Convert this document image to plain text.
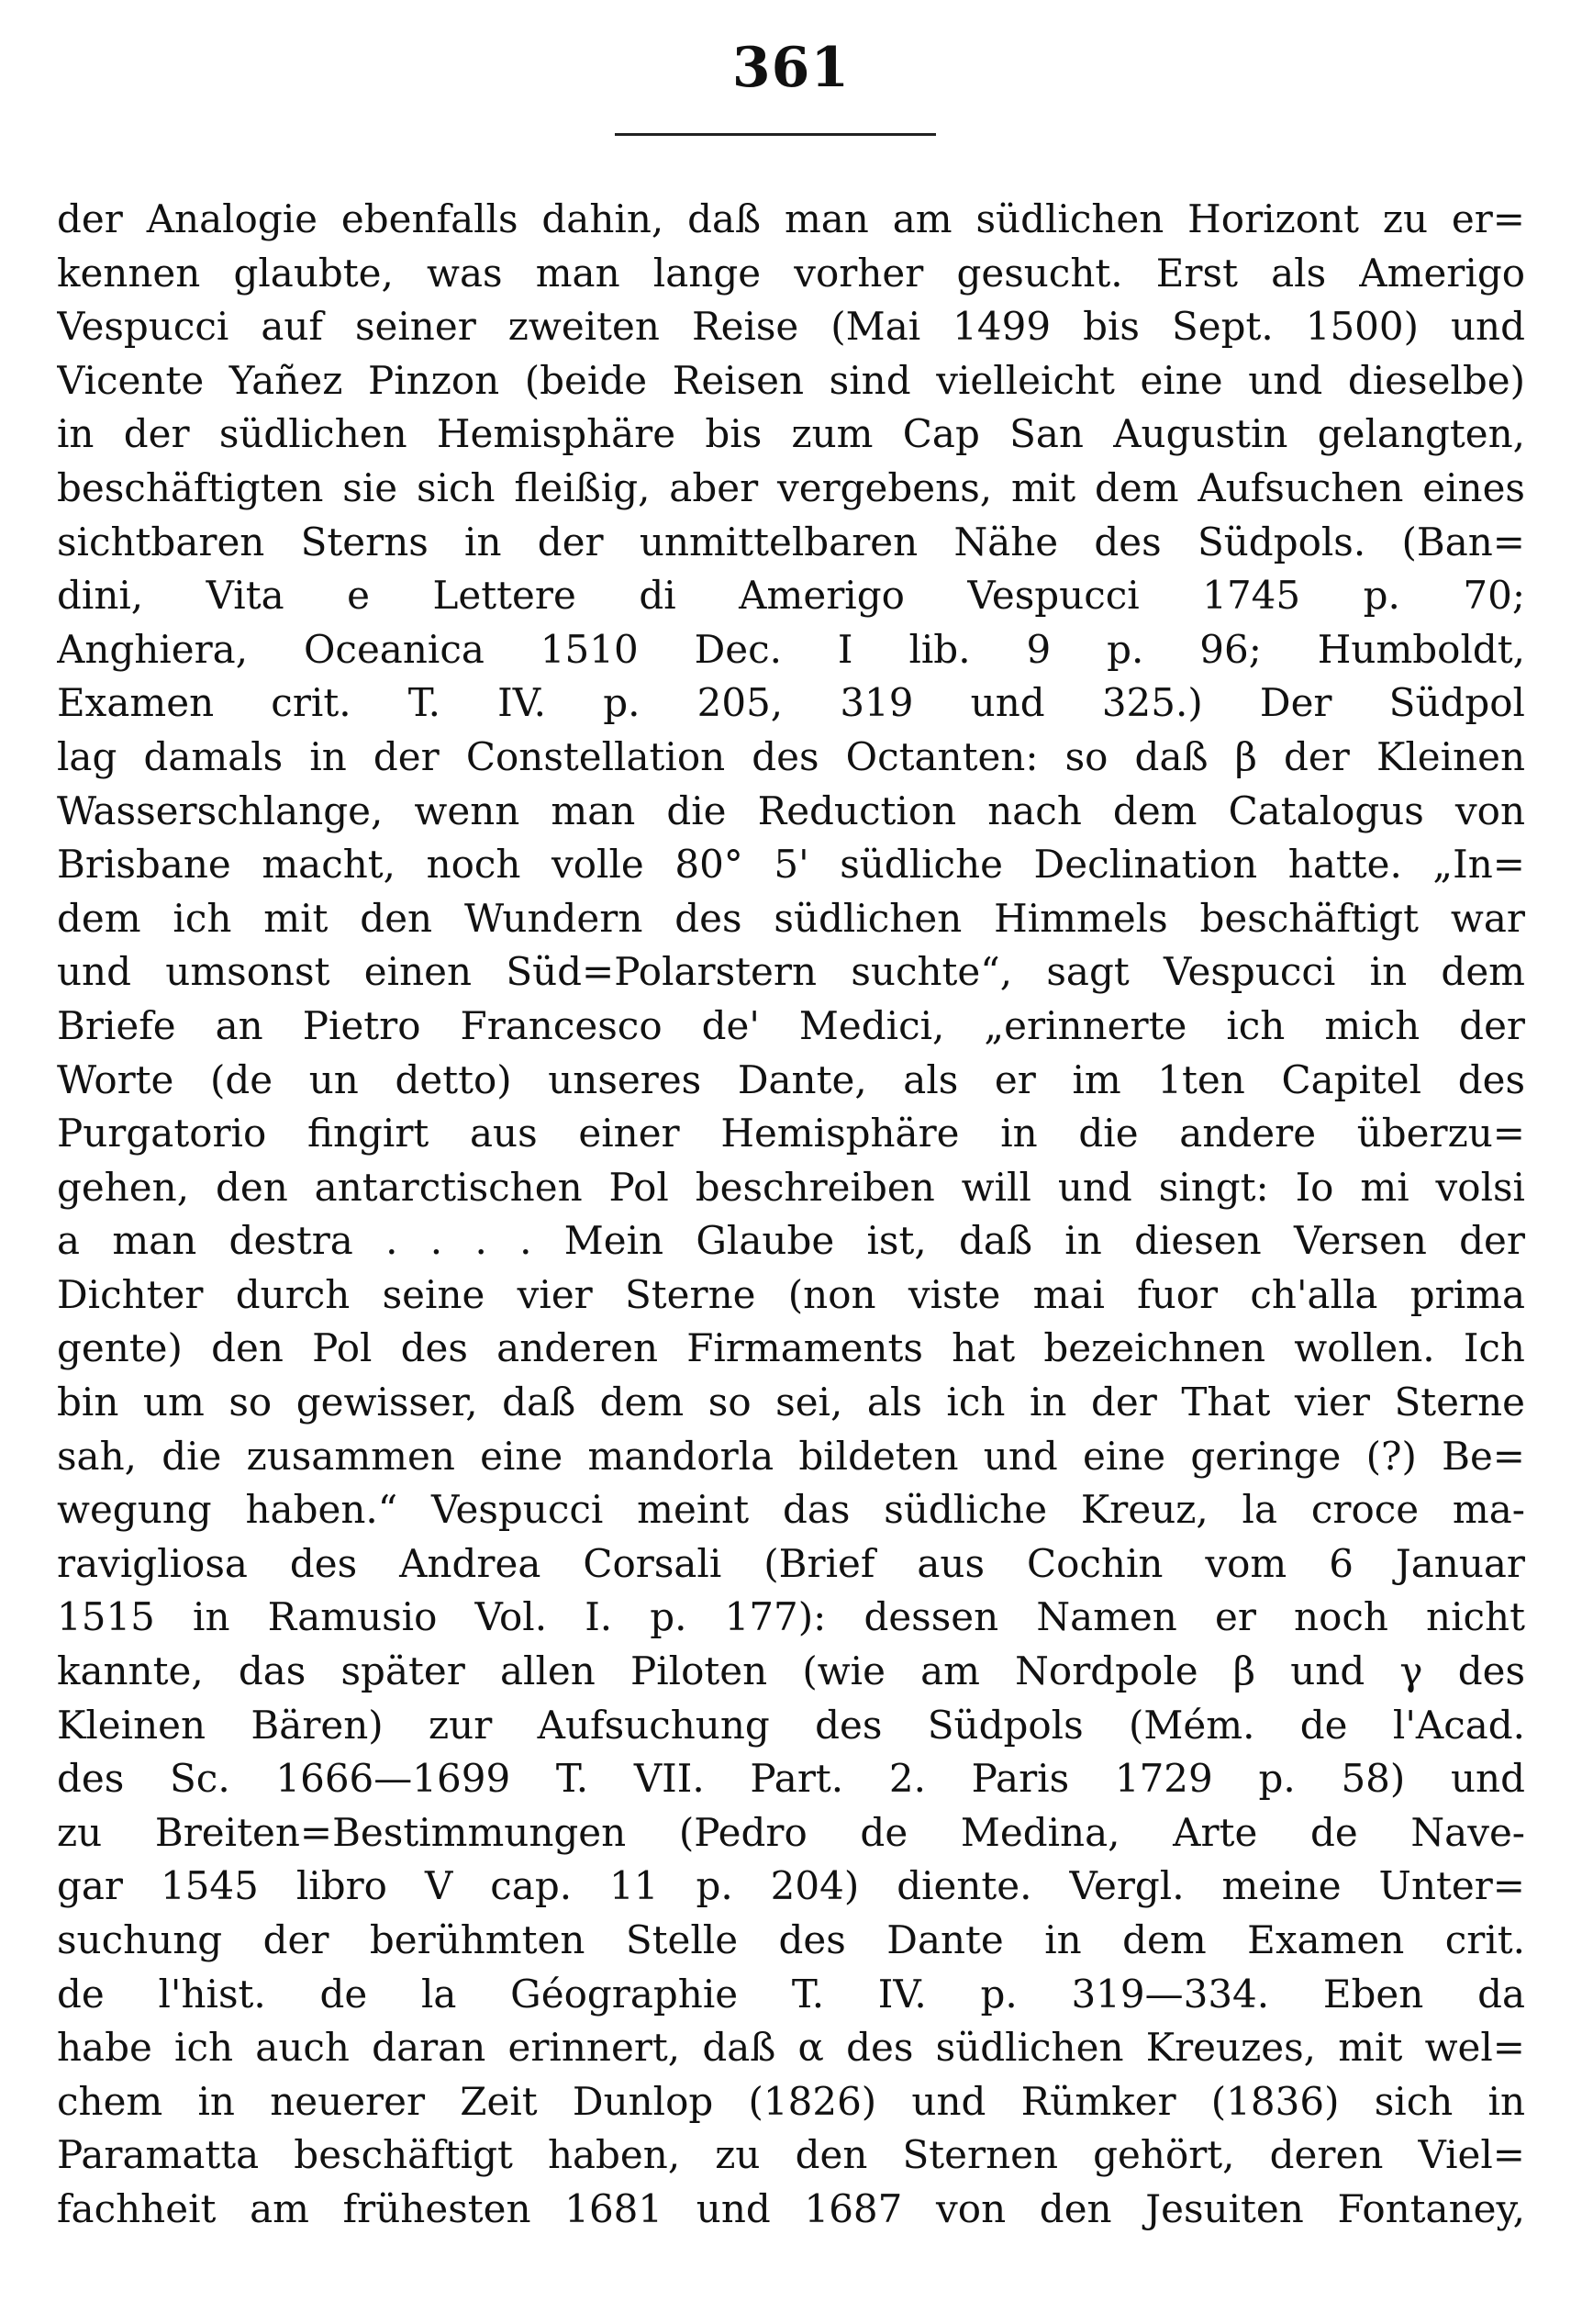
361
der Analogie ebenfalls dahin, daß man am südlichen Horizont zu er=
kennen glaubte, was man lange vorher gesucht. Erst als Amerigo
Vespucci auf seiner zweiten Reise (Mai 1499 bis Sept. 1500) und
Vicente Yañez Pinzon (beide Reisen sind vielleicht eine und dieselbe)
in der südlichen Hemisphäre bis zum Cap San Augustin gelangten,
beschäftigten sie sich fleißig, aber vergebens, mit dem Aufsuchen eines
sichtbaren Sterns in der unmittelbaren Nähe des Südpols. (Ban=
dini, Vita e Lettere di Amerigo Vespucci 1745 p. 70;
Anghiera, Oceanica 1510 Dec. I lib. 9 p. 96; Humboldt,
Examen crit. T. IV. p. 205, 319 und 325.) Der Südpol
lag damals in der Constellation des Octanten: so daß β der Kleinen
Wasserschlange, wenn man die Reduction nach dem Catalogus von
Brisbane macht, noch volle 80° 5' südliche Declination hatte. „In=
dem ich mit den Wundern des südlichen Himmels beschäftigt war
und umsonst einen Süd=Polarstern suchte“, sagt Vespucci in dem
Briefe an Pietro Francesco de' Medici, „erinnerte ich mich der
Worte (de un detto) unseres Dante, als er im 1ten Capitel des
Purgatorio fingirt aus einer Hemisphäre in die andere überzu=
gehen, den antarctischen Pol beschreiben will und singt: Io mi volsi
a man destra . . . . Mein Glaube ist, daß in diesen Versen der
Dichter durch seine vier Sterne (non viste mai fuor ch'alla prima
gente) den Pol des anderen Firmaments hat bezeichnen wollen. Ich
bin um so gewisser, daß dem so sei, als ich in der That vier Sterne
sah, die zusammen eine mandorla bildeten und eine geringe (?) Be=
wegung haben.“ Vespucci meint das südliche Kreuz, la croce ma-
ravigliosa des Andrea Corsali (Brief aus Cochin vom 6 Januar
1515 in Ramusio Vol. I. p. 177): dessen Namen er noch nicht
kannte, das später allen Piloten (wie am Nordpole β und γ des
Kleinen Bären) zur Aufsuchung des Südpols (Mém. de l'Acad.
des Sc. 1666—1699 T. VII. Part. 2. Paris 1729 p. 58) und
zu Breiten=Bestimmungen (Pedro de Medina, Arte de Nave-
gar 1545 libro V cap. 11 p. 204) diente. Vergl. meine Unter=
suchung der berühmten Stelle des Dante in dem Examen crit.
de l'hist. de la Géographie T. IV. p. 319—334. Eben da
habe ich auch daran erinnert, daß α des südlichen Kreuzes, mit wel=
chem in neuerer Zeit Dunlop (1826) und Rümker (1836) sich in
Paramatta beschäftigt haben, zu den Sternen gehört, deren Viel=
fachheit am frühesten 1681 und 1687 von den Jesuiten Fontaney,
